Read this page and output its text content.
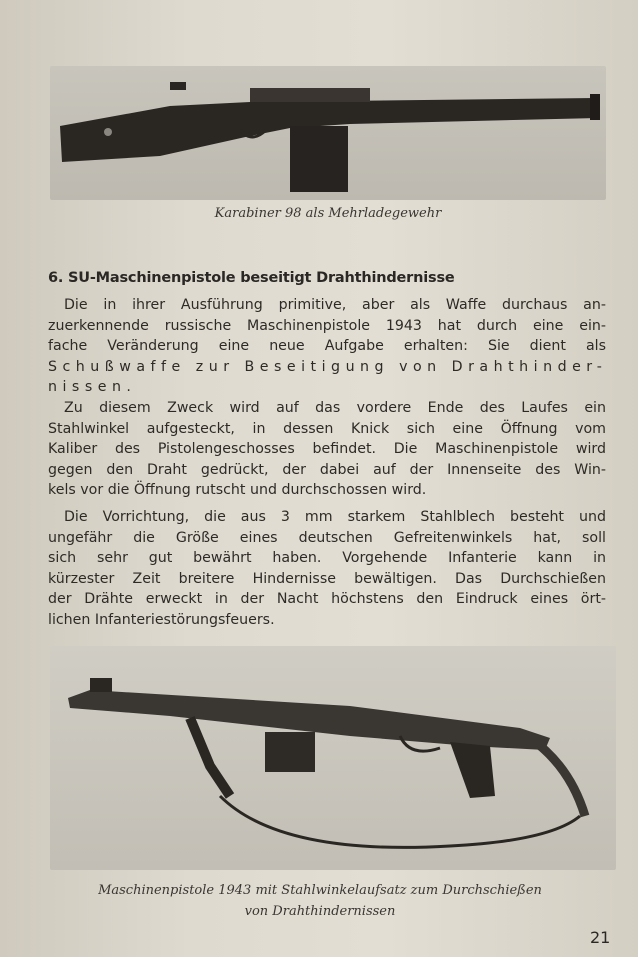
Karabiner 98 als Mehrladegewehr
6. SU-Maschinenpistole beseitigt Drahthindernisse
Die in ihrer Ausführung primitive, aber als Waffe durchaus an-
zuerkennende russische Maschinenpistole 1943 hat durch eine ein-
fache Veränderung eine neue Aufgabe erhalten: Sie dient als
Schußwaffe zur Beseitigung von Drahthinder-
nissen.
Zu diesem Zweck wird auf das vordere Ende des Laufes ein
Stahlwinkel aufgesteckt, in dessen Knick sich eine Öffnung vom
Kaliber des Pistolengeschosses befindet. Die Maschinenpistole wird
gegen den Draht gedrückt, der dabei auf der Innenseite des Win-
kels vor die Öffnung rutscht und durchschossen wird.
Die Vorrichtung, die aus 3 mm starkem Stahlblech besteht und
ungefähr die Größe eines deutschen Gefreitenwinkels hat, soll
sich sehr gut bewährt haben. Vorgehende Infanterie kann in
kürzester Zeit breitere Hindernisse bewältigen. Das Durchschießen
der Drähte erweckt in der Nacht höchstens den Eindruck eines ört-
lichen Infanteriestörungsfeuers.
Maschinenpistole 1943 mit Stahlwinkelaufsatz zum Durchschießen
von Drahthindernissen
21
